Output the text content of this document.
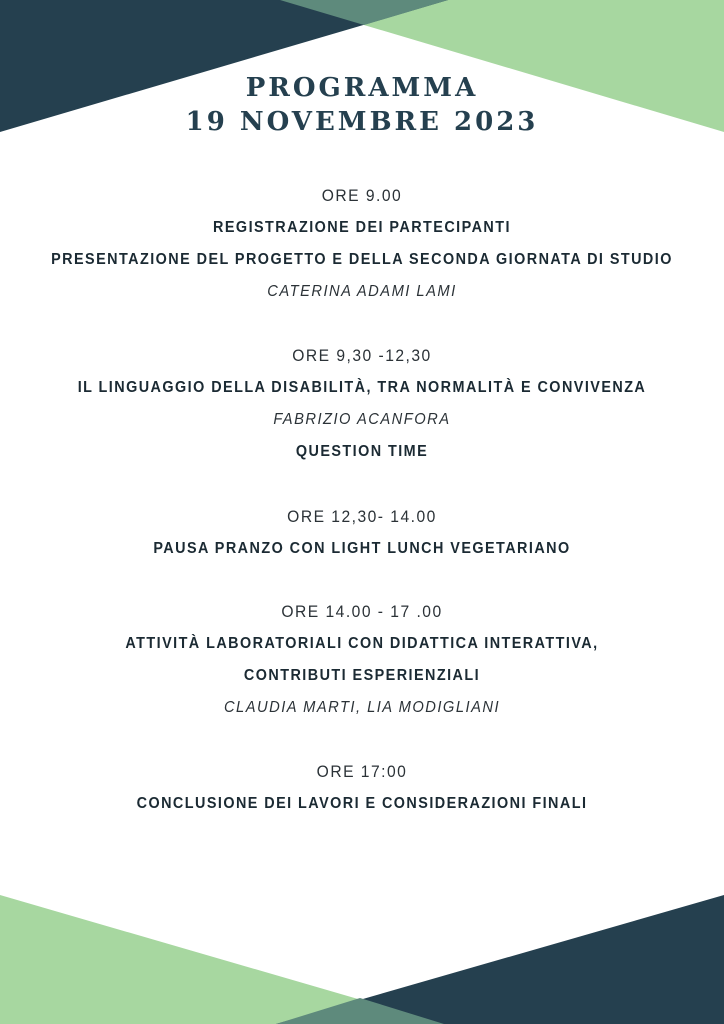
PROGRAMMA
19 NOVEMBRE 2023
ORE 9.00
REGISTRAZIONE DEI PARTECIPANTI
PRESENTAZIONE DEL PROGETTO E DELLA SECONDA GIORNATA DI STUDIO
CATERINA ADAMI LAMI
ORE 9,30 -12,30
IL LINGUAGGIO DELLA DISABILITÀ, TRA NORMALITÀ E CONVIVENZA
FABRIZIO ACANFORA
QUESTION TIME
ORE 12,30- 14.00
PAUSA PRANZO CON LIGHT LUNCH VEGETARIANO
ORE 14.00 - 17 .00
ATTIVITÀ LABORATORIALI CON DIDATTICA INTERATTIVA,
CONTRIBUTI ESPERIENZIALI
CLAUDIA MARTI, LIA MODIGLIANI
ORE 17:00
CONCLUSIONE DEI LAVORI E CONSIDERAZIONI FINALI
